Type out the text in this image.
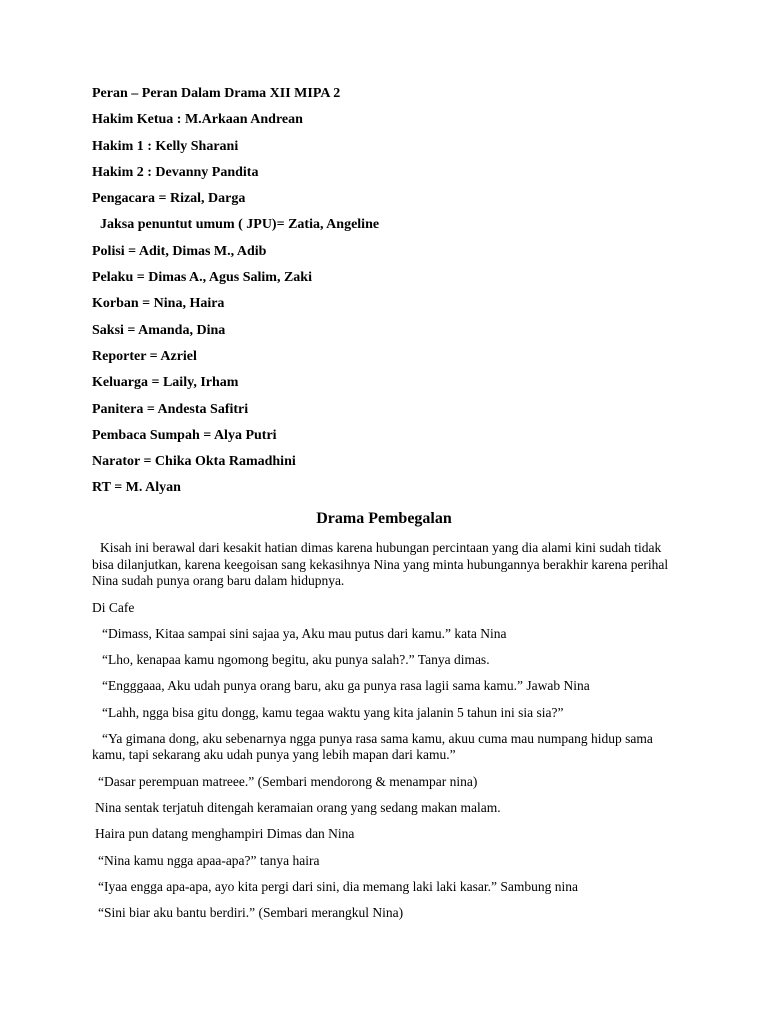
Peran – Peran Dalam Drama XII MIPA 2
Hakim Ketua : M.Arkaan Andrean
Hakim 1 : Kelly Sharani
Hakim 2 : Devanny Pandita
Pengacara = Rizal, Darga
Jaksa penuntut umum ( JPU)= Zatia, Angeline
Polisi = Adit, Dimas M., Adib
Pelaku = Dimas A., Agus Salim, Zaki
Korban = Nina, Haira
Saksi = Amanda, Dina
Reporter = Azriel
Keluarga = Laily, Irham
Panitera = Andesta Safitri
Pembaca Sumpah = Alya Putri
Narator = Chika Okta Ramadhini
RT = M. Alyan
Drama Pembegalan

Kisah ini berawal dari kesakit hatian dimas karena hubungan percintaan yang dia alami kini sudah tidak bisa dilanjutkan, karena keegoisan sang kekasihnya Nina yang minta hubungannya berakhir karena perihal Nina sudah punya orang baru dalam hidupnya.

Di Cafe

“Dimass, Kitaa sampai sini sajaa ya, Aku mau putus dari kamu.” kata Nina

“Lho, kenapaa kamu ngomong begitu, aku punya salah?.” Tanya dimas.

“Engggaaa, Aku udah punya orang baru, aku ga punya rasa lagii sama kamu.” Jawab Nina

“Lahh, ngga bisa gitu dongg, kamu tegaa waktu yang kita jalanin 5 tahun ini sia sia?”

“Ya gimana dong, aku sebenarnya ngga punya rasa sama kamu, akuu cuma mau numpang hidup sama kamu, tapi sekarang aku udah punya yang lebih mapan dari kamu.”

“Dasar perempuan matreee.” (Sembari mendorong & menampar nina)

Nina sentak terjatuh ditengah keramaian orang yang sedang makan malam.

Haira pun datang menghampiri Dimas dan Nina

“Nina kamu ngga apaa-apa?” tanya haira

“Iyaa engga apa-apa, ayo kita pergi dari sini, dia memang laki laki kasar.” Sambung nina

“Sini biar aku bantu berdiri.” (Sembari merangkul Nina)
